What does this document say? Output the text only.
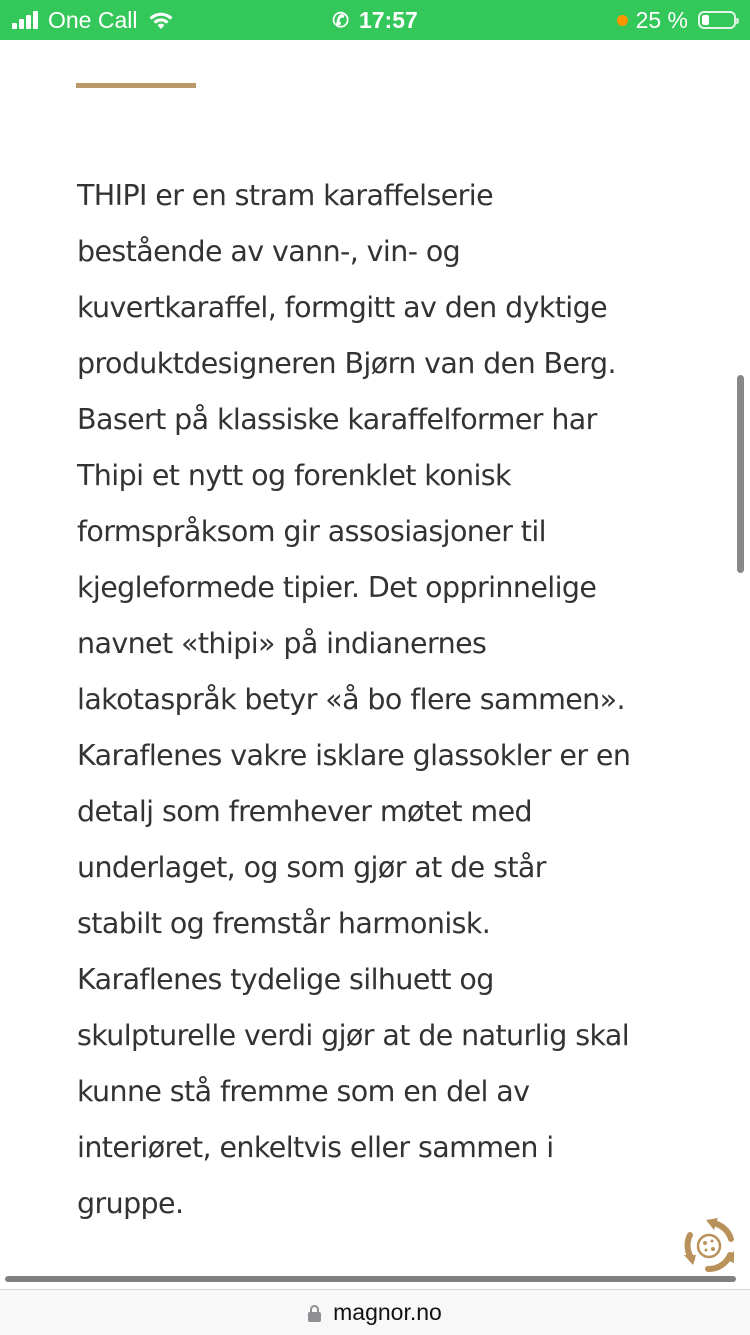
One Call	✆ 17:57	25 %
THIPI er en stram karaffelserie
bestående av vann-, vin- og
kuvertkaraffel, formgitt av den dyktige
produktdesigneren Bjørn van den Berg.
Basert på klassiske karaffelformer har
Thipi et nytt og forenklet konisk
formspråksom gir assosiasjoner til
kjegleformede tipier. Det opprinnelige
navnet «thipi» på indianernes
lakotaspråk betyr «å bo flere sammen».
Karaflenes vakre isklare glassokler er en
detalj som fremhever møtet med
underlaget, og som gjør at de står
stabilt og fremstår harmonisk.
Karaflenes tydelige silhuett og
skulpturelle verdi gjør at de naturlig skal
kunne stå fremme som en del av
interiøret, enkeltvis eller sammen i
gruppe.
magnor.no
